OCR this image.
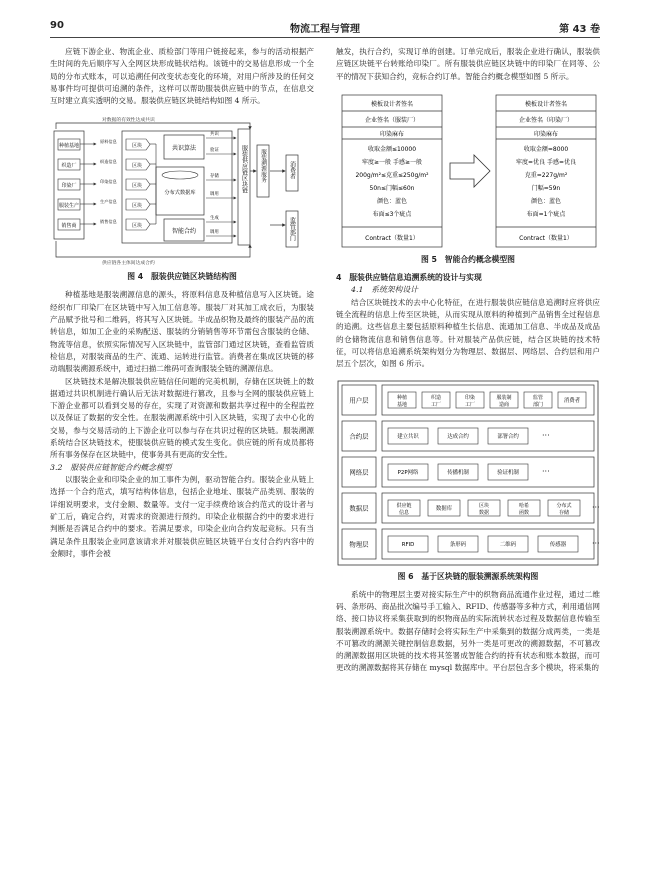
90	物流工程与管理	第 43 卷

应链下游企业、物流企业、质检部门等用户链接起来，参与的活动根据产生时间的先后顺序写入全网区块形成链状结构。该链中的交易信息形成一个全局的分布式账本，可以追溯任何改变状态变化的环境，对用户所涉及的任何交易事件均可提供可追溯的条件，这样可以帮助服装供应链中的节点，在信息交互时建立真实透明的交易。服装供应链区块链结构如图 4 所示。

对数据的有效性达成共识
供应链各主体间达成合约
种植基地
原料信息
区块
织造厂
织造信息
区块
印染厂
印染信息
区块
服装生产
生产信息
区块
销售商
销售信息
区块
共识算法
分布式数据库
智能合约
共识
验证
存储
调用
生成
调用
服装供应链区块链 服装溯源服务	消费者
监管部门
图 4　服装供应链区块链结构图

种植基地是服装溯源信息的源头，将原料信息及种植信息写入区块链。途经织布厂印染厂在区块链中写入加工信息等。服装厂对其加工成衣后，为服装产品赋予批号和二维码，将其写入区块链。半成品织物及最终的服装产品的流转信息，如加工企业的采购配送、服装的分销销售等环节需包含服装的仓储、物流等信息，依照实际情况写入区块链中，监管部门通过区块链，查看监管质检信息，对服装商品的生产、流通、运转进行监管。消费者在集成区块链的移动端服装溯源系统中，通过扫描二维码可查询服装全链的溯源信息。

区块链技术是解决服装供应链信任问题的完美机制，存储在区块链上的数据通过共识机制进行确认后无法对数据进行篡改，且参与全网的服装供应链上下游企业都可以看到交易的存在，实现了对资源和数据共享过程中的全程监控以及保证了数据的安全性。在服装溯源系统中引入区块链，实现了去中心化的交易，参与交易活动的上下游企业可以参与存在共识过程的区块链。服装溯源系统结合区块链技术，使服装供应链的模式发生变化。供应链的所有成员都将所有事务保存在区块链中，使事务具有更高的安全性。

3.2　服装供应链智能合约概念模型

以服装企业和印染企业的加工事件为例，驱动智能合约。服装企业从链上选择一个合约范式，填写结构体信息，包括企业地址、服装产品类别、服装的详细说明要求，支付金额、数量等。支付一定手续费给该合约范式的设计者与矿工后，确定合约，对需求的资源进行预约。印染企业根据合约中的要求进行判断是否满足合约中的要求。若满足要求，印染企业向合约发起竞标。只有当满足条件且服装企业同意该请求并对服装供应链区块链平台支付合约内容中的金额时，事件会被

触发，执行合约，实现订单的创建。订单完成后，服装企业进行确认，服装供应链区块链平台转账给印染厂。所有服装供应链区块链中的印染厂在同等、公平的情况下获知合约，竞标合约订单。智能合约概念模型如图 5 所示。

模板设计者签名
企业签名（服装厂）
印染麻布
Contract（数量1）
模板设计者签名
企业签名（印染厂）
印染麻布
Contract（数量1）
收取金额≤10000
牢度≥一般 手感≥一般
200g/m²≤克重≤250g/m²
50n≤门幅≤60n
颜色：蓝色
布面≤3个疵点
收取金额=8000
牢度=优良 手感=优良
克重=227g/m²
门幅=59n
颜色：蓝色
布面=1个疵点
图 5　智能合约概念模型图
4　服装供应链信息追溯系统的设计与实现
4.1　系统架构设计

结合区块链技术的去中心化特征，在进行服装供应链信息追溯时应将供应链全流程的信息上传至区块链，从而实现从原料的种植到产品销售全过程信息的追溯。这些信息主要包括原料种植生长信息、流通加工信息、半成品及成品的仓储物流信息和销售信息等。针对服装产品供应链，结合区块链的技术特征，可以将信息追溯系统架构划分为物理层、数据层、网络层、合约层和用户层五个层次，如图 6 所示。

用户层	种植
基地
织造
工厂
印染
工厂
服装制
造商
监管
部门
消费者
合约层	建立共识	达成合约	部署合约	···
网络层	P2P网络	传播机制	验证机制	···
数据层	供应链
信息
数据库	区块
数据
哈希
函数
分布式
存储
···
物理层	RFID	条形码	二维码	传感器	···
图 6　基于区块链的服装溯源系统架构图

系统中的物理层主要对接实际生产中的织物商品流通作业过程，通过二维码、条形码、商品批次编号手工输入、RFID、传感器等多种方式，利用通信网络、接口协议将采集获取到的织物商品的实际流转状态过程及数据信息传输至服装溯源系统中。数据存储时会将实际生产中采集到的数据分成两类，一类是不可篡改的溯源关键控制信息数据，另外一类是可更改的溯源数据，不可篡改的溯源数据用区块链的技术将其签署成智能合约的持有状态和账本数据，而可更改的溯源数据将其存储在 mysql 数据库中。平台层包含多个模块，将采集的
